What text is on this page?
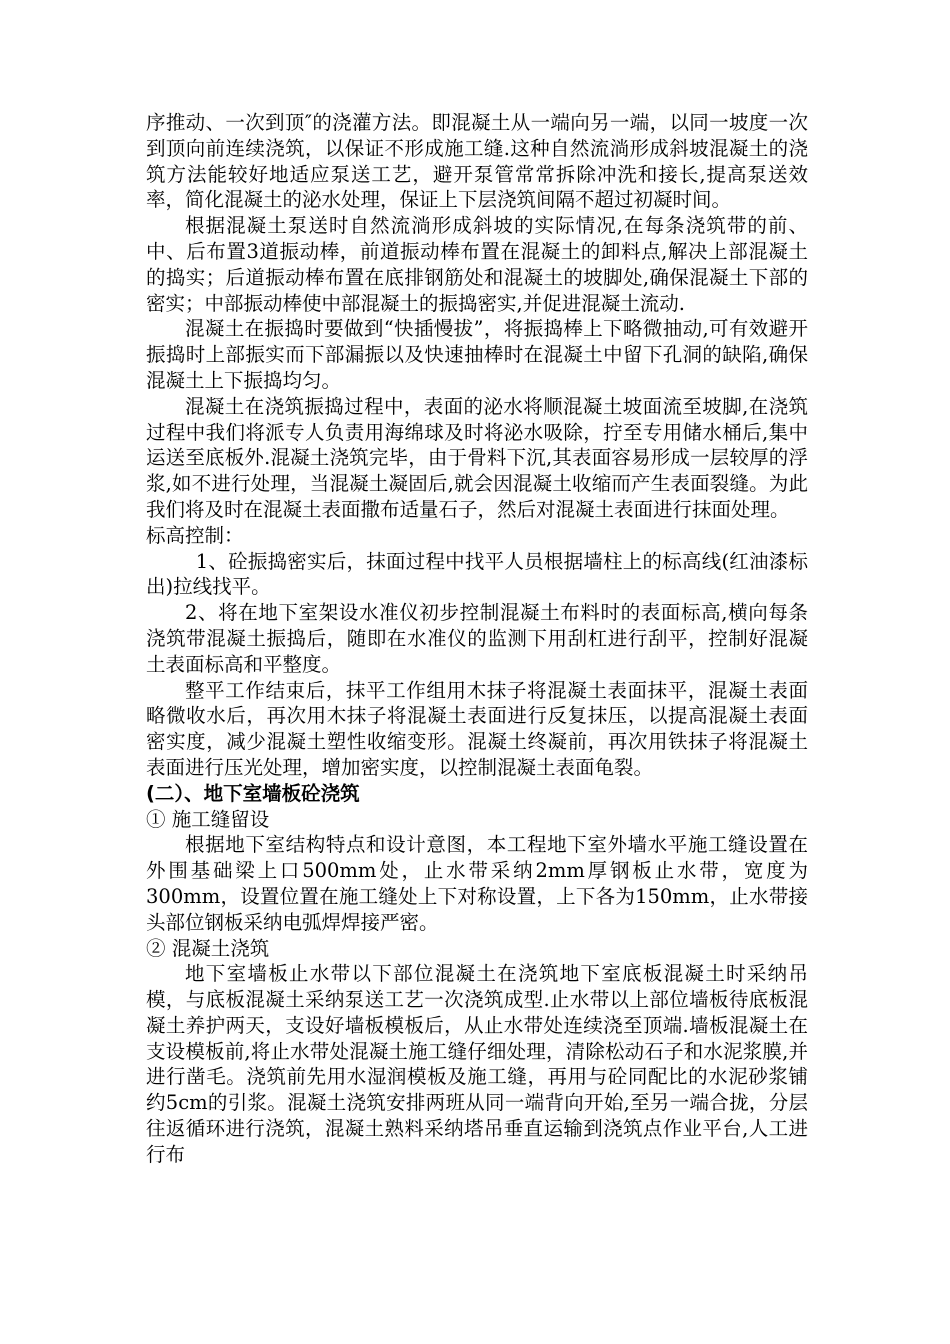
序推动、一次到顶″的浇灌方法。即混凝土从一端向另一端，以同一坡度一次到顶向前连续浇筑，以保证不形成施工缝.这种自然流淌形成斜坡混凝土的浇筑方法能较好地适应泵送工艺，避开泵管常常拆除冲洗和接长,提高泵送效率，简化混凝土的泌水处理，保证上下层浇筑间隔不超过初凝时间。

根据混凝土泵送时自然流淌形成斜坡的实际情况,在每条浇筑带的前、中、后布置3道振动棒，前道振动棒布置在混凝土的卸料点,解决上部混凝土的捣实；后道振动棒布置在底排钢筋处和混凝土的坡脚处,确保混凝土下部的密实；中部振动棒使中部混凝土的振捣密实,并促进混凝土流动.

混凝土在振捣时要做到“快插慢拔”，将振捣棒上下略微抽动,可有效避开振捣时上部振实而下部漏振以及快速抽棒时在混凝土中留下孔洞的缺陷,确保混凝土上下振捣均匀。

混凝土在浇筑振捣过程中，表面的泌水将顺混凝土坡面流至坡脚,在浇筑过程中我们将派专人负责用海绵球及时将泌水吸除，拧至专用储水桶后,集中运送至底板外.混凝土浇筑完毕，由于骨料下沉,其表面容易形成一层较厚的浮浆,如不进行处理，当混凝土凝固后,就会因混凝土收缩而产生表面裂缝。为此我们将及时在混凝土表面撒布适量石子，然后对混凝土表面进行抹面处理。

标高控制：

1、砼振捣密实后，抹面过程中找平人员根据墙柱上的标高线(红油漆标出)拉线找平。

2、将在地下室架设水准仪初步控制混凝土布料时的表面标高,横向每条浇筑带混凝土振捣后，随即在水准仪的监测下用刮杠进行刮平，控制好混凝土表面标高和平整度。

整平工作结束后，抹平工作组用木抹子将混凝土表面抹平，混凝土表面略微收水后，再次用木抹子将混凝土表面进行反复抹压，以提高混凝土表面密实度，减少混凝土塑性收缩变形。混凝土终凝前，再次用铁抹子将混凝土表面进行压光处理，增加密实度，以控制混凝土表面龟裂。

(二）、地下室墙板砼浇筑

① 施工缝留设

根据地下室结构特点和设计意图，本工程地下室外墙水平施工缝设置在外围基础梁上口500mm处，止水带采纳2mm厚钢板止水带，宽度为300mm，设置位置在施工缝处上下对称设置，上下各为150mm，止水带接头部位钢板采纳电弧焊焊接严密。

② 混凝土浇筑

地下室墙板止水带以下部位混凝土在浇筑地下室底板混凝土时采纳吊模，与底板混凝土采纳泵送工艺一次浇筑成型.止水带以上部位墙板待底板混凝土养护两天，支设好墙板模板后，从止水带处连续浇至顶端.墙板混凝土在支设模板前,将止水带处混凝土施工缝仔细处理，清除松动石子和水泥浆膜,并进行凿毛。浇筑前先用水湿润模板及施工缝，再用与砼同配比的水泥砂浆铺约5cm的引浆。混凝土浇筑安排两班从同一端背向开始,至另一端合拢，分层往返循环进行浇筑，混凝土熟料采纳塔吊垂直运输到浇筑点作业平台,人工进行布
